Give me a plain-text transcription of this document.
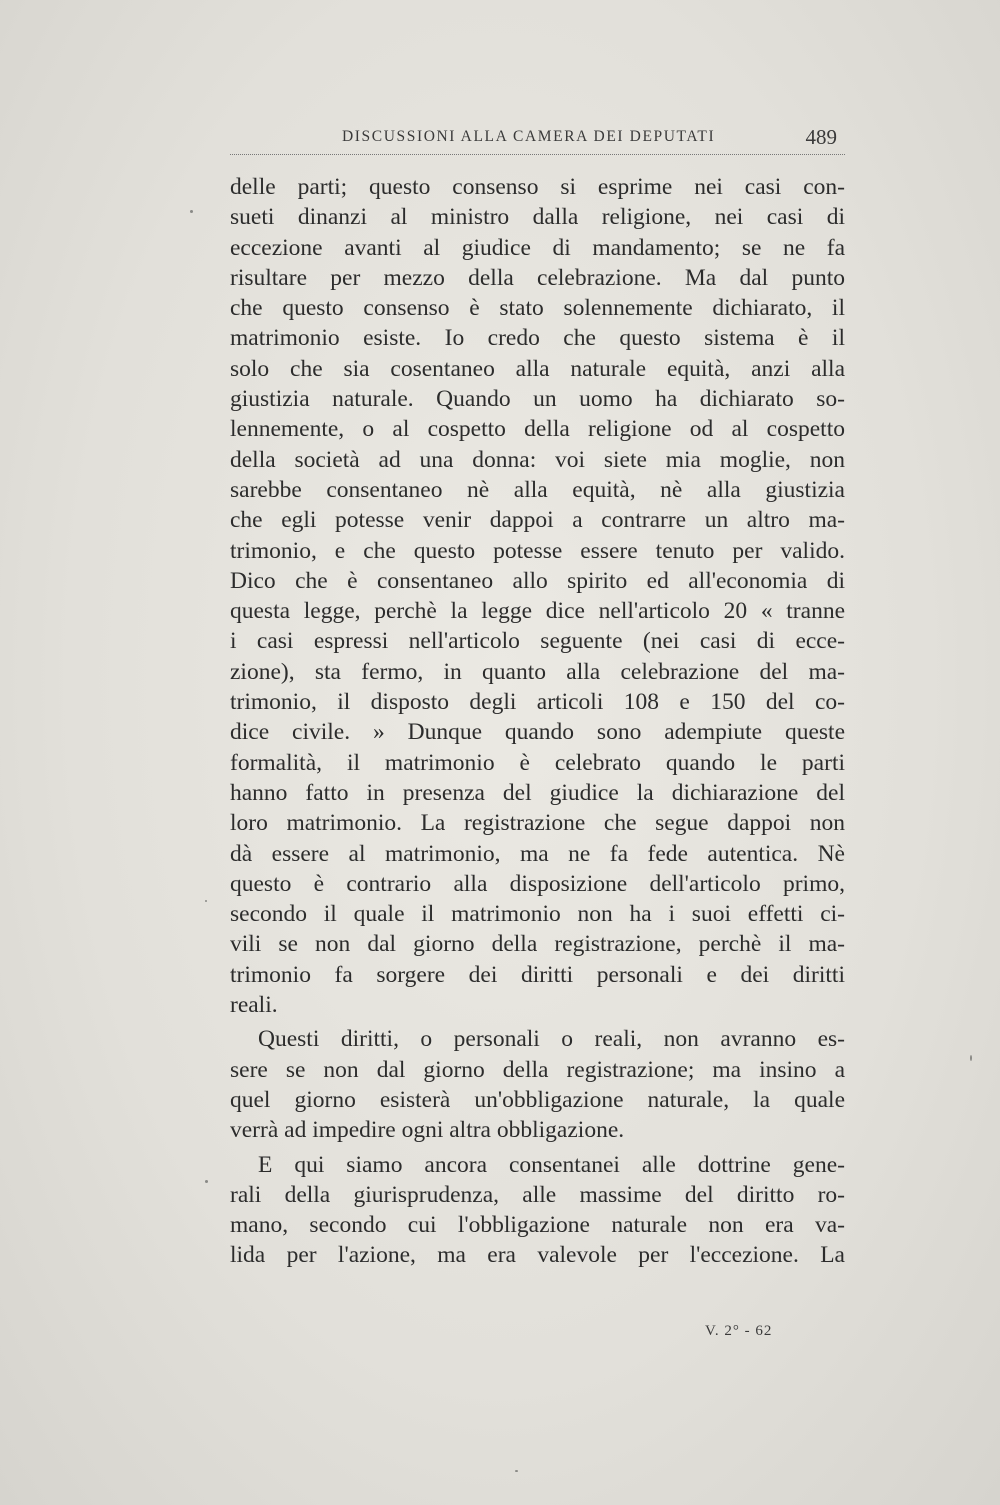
DISCUSSIONI ALLA CAMERA DEI DEPUTATI	489
delle parti; questo consenso si esprime nei casi con-
sueti dinanzi al ministro dalla religione, nei casi di
eccezione avanti al giudice di mandamento; se ne fa
risultare per mezzo della celebrazione. Ma dal punto
che questo consenso è stato solennemente dichiarato, il
matrimonio esiste. Io credo che questo sistema è il
solo che sia cosentaneo alla naturale equità, anzi alla
giustizia naturale. Quando un uomo ha dichiarato so-
lennemente, o al cospetto della religione od al cospetto
della società ad una donna: voi siete mia moglie, non
sarebbe consentaneo nè alla equità, nè alla giustizia
che egli potesse venir dappoi a contrarre un altro ma-
trimonio, e che questo potesse essere tenuto per valido.
Dico che è consentaneo allo spirito ed all'economia di
questa legge, perchè la legge dice nell'articolo 20 « tranne
i casi espressi nell'articolo seguente (nei casi di ecce-
zione), sta fermo, in quanto alla celebrazione del ma-
trimonio, il disposto degli articoli 108 e 150 del co-
dice civile. » Dunque quando sono adempiute queste
formalità, il matrimonio è celebrato quando le parti
hanno fatto in presenza del giudice la dichiarazione del
loro matrimonio. La registrazione che segue dappoi non
dà essere al matrimonio, ma ne fa fede autentica. Nè
questo è contrario alla disposizione dell'articolo primo,
secondo il quale il matrimonio non ha i suoi effetti ci-
vili se non dal giorno della registrazione, perchè il ma-
trimonio fa sorgere dei diritti personali e dei diritti
reali.
Questi diritti, o personali o reali, non avranno es-
sere se non dal giorno della registrazione; ma insino a
quel giorno esisterà un'obbligazione naturale, la quale
verrà ad impedire ogni altra obbligazione.
E qui siamo ancora consentanei alle dottrine gene-
rali della giurisprudenza, alle massime del diritto ro-
mano, secondo cui l'obbligazione naturale non era va-
lida per l'azione, ma era valevole per l'eccezione. La
V. 2° - 62
